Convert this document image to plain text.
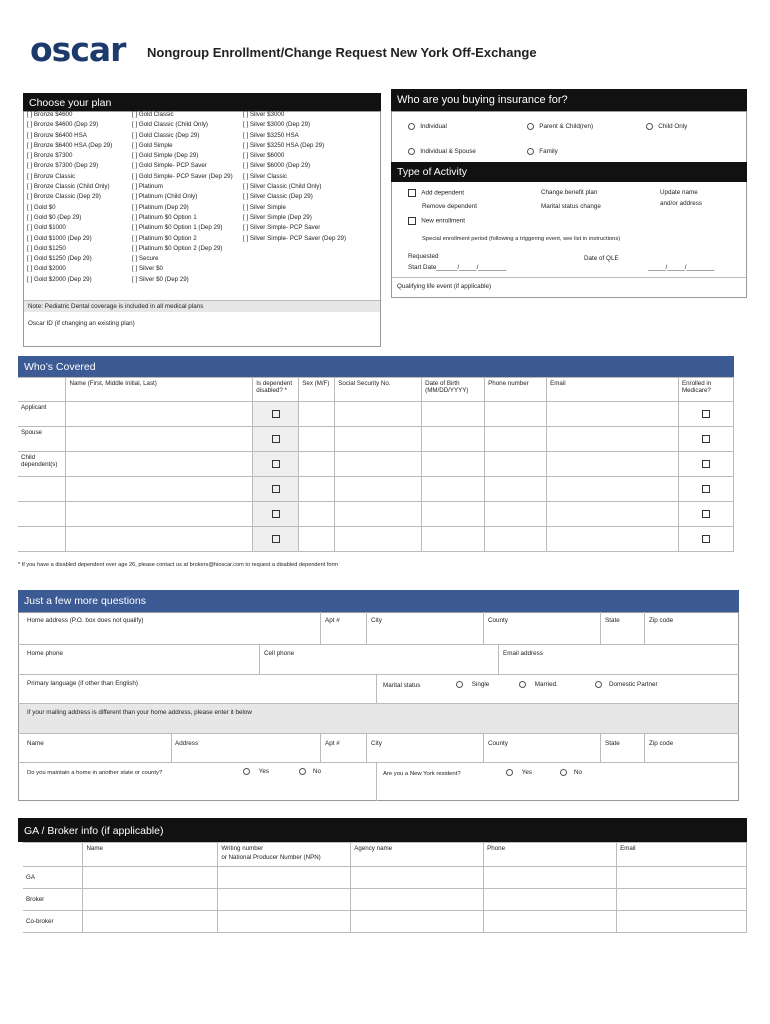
oscar Nongroup Enrollment/Change Request New York Off-Exchange
Choose your plan
[ ] Bronze $4600
[ ] Bronze $4600 (Dep 29)
[ ] Bronze $6400 HSA
[ ] Bronze $6400 HSA (Dep 29)
[ ] Bronze $7300
[ ] Bronze $7300 (Dep 29)
[ ] Bronze Classic
[ ] Bronze Classic (Child Only)
[ ] Bronze Classic (Dep 29)
[ ] Gold $0
[ ] Gold $0 (Dep 29)
[ ] Gold $1000
[ ] Gold $1000 (Dep 29)
[ ] Gold $1250
[ ] Gold $1250 (Dep 29)
[ ] Gold $2000
[ ] Gold $2000 (Dep 29)
[ ] Gold Classic
[ ] Gold Classic (Child Only)
[ ] Gold Classic (Dep 29)
[ ] Gold Simple
[ ] Gold Simple (Dep 29)
[ ] Gold Simple- PCP Saver
[ ] Gold Simple- PCP Saver (Dep 29)
[ ] Platinum
[ ] Platinum (Child Only)
[ ] Platinum (Dep 29)
[ ] Platinum $0 Option 1
[ ] Platinum $0 Option 1 (Dep 29)
[ ] Platinum $0 Option 2
[ ] Platinum $0 Option 2 (Dep 29)
[ ] Secure
[ ] Silver $0
[ ] Silver $0 (Dep 29)
[ ] Silver $3000
[ ] Silver $3000 (Dep 29)
[ ] Silver $3250 HSA
[ ] Silver $3250 HSA (Dep 29)
[ ] Silver $6000
[ ] Silver $6000 (Dep 29)
[ ] Silver Classic
[ ] Silver Classic (Child Only)
[ ] Silver Classic (Dep 29)
[ ] Silver Simple
[ ] Silver Simple (Dep 29)
[ ] Silver Simple- PCP Saver
[ ] Silver Simple- PCP Saver (Dep 29)
Note: Pediatric Dental coverage is included in all medical plans
Oscar ID (if changing an existing plan)
Who are you buying insurance for?
Individual	Parent & Child(ren)	Child Only
Individual & Spouse	Family
Type of Activity
Add dependent
Remove dependent
Change benefit plan
Marital status change
Update name
and/or address
New enrollment
Special enrollment period (following a triggering event, see list in instructions)
Requested
Start Date______/_____/________
Date of QLE
_____/_____/________
Qualifying life event (if applicable)
Who’s Covered
	Name (First, Middle Initial, Last)	Is dependent disabled? *	Sex (M/F)	Social Security No.	Date of Birth (MM/DD/YYYY)	Phone number	Email	Enrolled in Medicare?
Applicant								
Spouse								
Child dependent(s)								

* If you have a disabled dependent over age 26, please contact us at brokers@hioscar.com to request a disabled dependent form
Just a few more questions
Home address (P.O. box does not qualify)	Apt #	City	County	State	Zip code
Home phone	Cell phone	Email address
Primary language (if other than English)	Marital status	Single	Married.	Domestic Partner
If your mailing address is different than your home address, please enter it below
Name	Address	Apt #	City	County	State	Zip code
Do you maintain a home in another state or county?	Yes	No	Are you a New York resident?	Yes	No
GA / Broker info (if applicable)
	Name	Writing number
or National Producer Number (NPN)	Agency name	Phone	Email
GA					
Broker					
Co-broker					
